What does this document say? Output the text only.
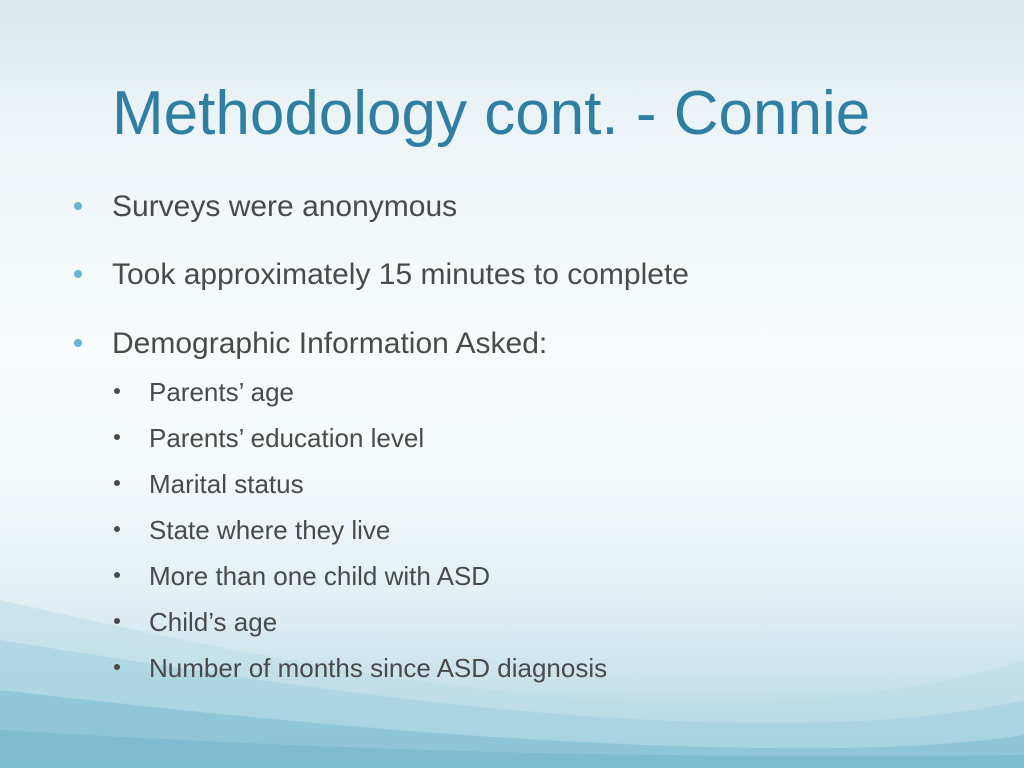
Methodology cont. - Connie
Surveys were anonymous
Took approximately 15 minutes to complete
Demographic Information Asked:
Parents’ age
Parents’ education level
Marital status
State where they live
More than one child with ASD
Child’s age
Number of months since ASD diagnosis
